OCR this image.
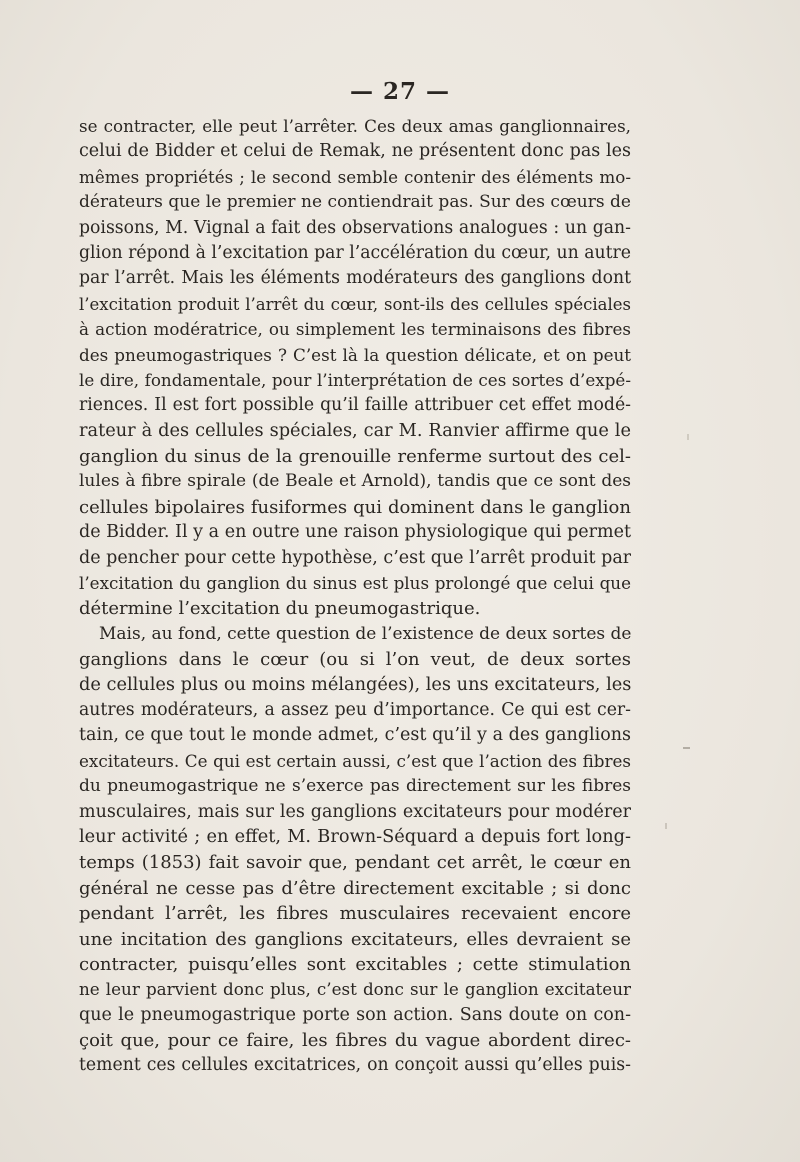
— 27 —
se contracter, elle peut l’arrêter. Ces deux amas ganglionnaires,
celui de Bidder et celui de Remak, ne présentent donc pas les
mêmes propriétés ; le second semble contenir des éléments mo-
dérateurs que le premier ne contiendrait pas. Sur des cœurs de
poissons, M. Vignal a fait des observations analogues : un gan-
glion répond à l’excitation par l’accélération du cœur, un autre
par l’arrêt. Mais les éléments modérateurs des ganglions dont
l’excitation produit l’arrêt du cœur, sont-ils des cellules spéciales
à action modératrice, ou simplement les terminaisons des fibres
des pneumogastriques ? C’est là la question délicate, et on peut
le dire, fondamentale, pour l’interprétation de ces sortes d’expé-
riences. Il est fort possible qu’il faille attribuer cet effet modé-
rateur à des cellules spéciales, car M. Ranvier affirme que le
ganglion du sinus de la grenouille renferme surtout des cel-
lules à fibre spirale (de Beale et Arnold), tandis que ce sont des
cellules bipolaires fusiformes qui dominent dans le ganglion
de Bidder. Il y a en outre une raison physiologique qui permet
de pencher pour cette hypothèse, c’est que l’arrêt produit par
l’excitation du ganglion du sinus est plus prolongé que celui que
détermine l’excitation du pneumogastrique.
Mais, au fond, cette question de l’existence de deux sortes de
ganglions dans le cœur (ou si l’on veut, de deux sortes
de cellules plus ou moins mélangées), les uns excitateurs, les
autres modérateurs, a assez peu d’importance. Ce qui est cer-
tain, ce que tout le monde admet, c’est qu’il y a des ganglions
excitateurs. Ce qui est certain aussi, c’est que l’action des fibres
du pneumogastrique ne s’exerce pas directement sur les fibres
musculaires, mais sur les ganglions excitateurs pour modérer
leur activité ; en effet, M. Brown-Séquard a depuis fort long-
temps (1853) fait savoir que, pendant cet arrêt, le cœur en
général ne cesse pas d’être directement excitable ; si donc
pendant l’arrêt, les fibres musculaires recevaient encore
une incitation des ganglions excitateurs, elles devraient se
contracter, puisqu’elles sont excitables ; cette stimulation
ne leur parvient donc plus, c’est donc sur le ganglion excitateur
que le pneumogastrique porte son action. Sans doute on con-
çoit que, pour ce faire, les fibres du vague abordent direc-
tement ces cellules excitatrices, on conçoit aussi qu’elles puis-
